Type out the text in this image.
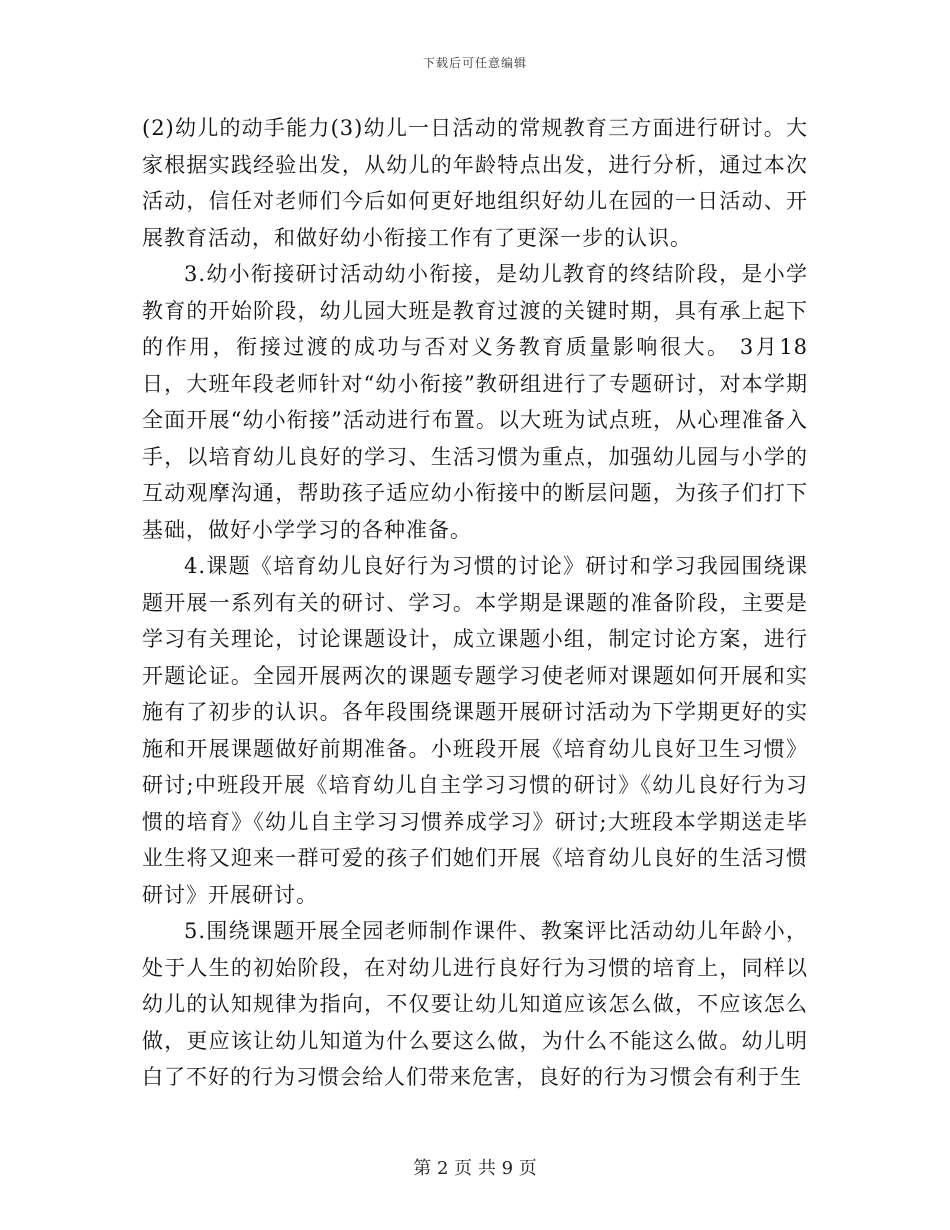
下载后可任意编辑

(2)幼儿的动手能力(3)幼儿一日活动的常规教育三方面进行研讨。大家根据实践经验出发，从幼儿的年龄特点出发，进行分析，通过本次活动，信任对老师们今后如何更好地组织好幼儿在园的一日活动、开展教育活动，和做好幼小衔接工作有了更深一步的认识。

3.幼小衔接研讨活动幼小衔接，是幼儿教育的终结阶段，是小学教育的开始阶段，幼儿园大班是教育过渡的关键时期，具有承上起下的作用，衔接过渡的成功与否对义务教育质量影响很大。 3月18日，大班年段老师针对“幼小衔接”教研组进行了专题研讨，对本学期全面开展“幼小衔接”活动进行布置。以大班为试点班，从心理准备入手，以培育幼儿良好的学习、生活习惯为重点，加强幼儿园与小学的互动观摩沟通，帮助孩子适应幼小衔接中的断层问题，为孩子们打下基础，做好小学学习的各种准备。

4.课题《培育幼儿良好行为习惯的讨论》研讨和学习我园围绕课题开展一系列有关的研讨、学习。本学期是课题的准备阶段，主要是学习有关理论，讨论课题设计，成立课题小组，制定讨论方案，进行开题论证。全园开展两次的课题专题学习使老师对课题如何开展和实施有了初步的认识。各年段围绕课题开展研讨活动为下学期更好的实施和开展课题做好前期准备。小班段开展《培育幼儿良好卫生习惯》研讨;中班段开展《培育幼儿自主学习习惯的研讨》《幼儿良好行为习惯的培育》《幼儿自主学习习惯养成学习》研讨;大班段本学期送走毕业生将又迎来一群可爱的孩子们她们开展《培育幼儿良好的生活习惯研讨》开展研讨。

5.围绕课题开展全园老师制作课件、教案评比活动幼儿年龄小，处于人生的初始阶段，在对幼儿进行良好行为习惯的培育上，同样以幼儿的认知规律为指向，不仅要让幼儿知道应该怎么做，不应该怎么做，更应该让幼儿知道为什么要这么做，为什么不能这么做。幼儿明白了不好的行为习惯会给人们带来危害，良好的行为习惯会有利于生

第 2 页 共 9 页
